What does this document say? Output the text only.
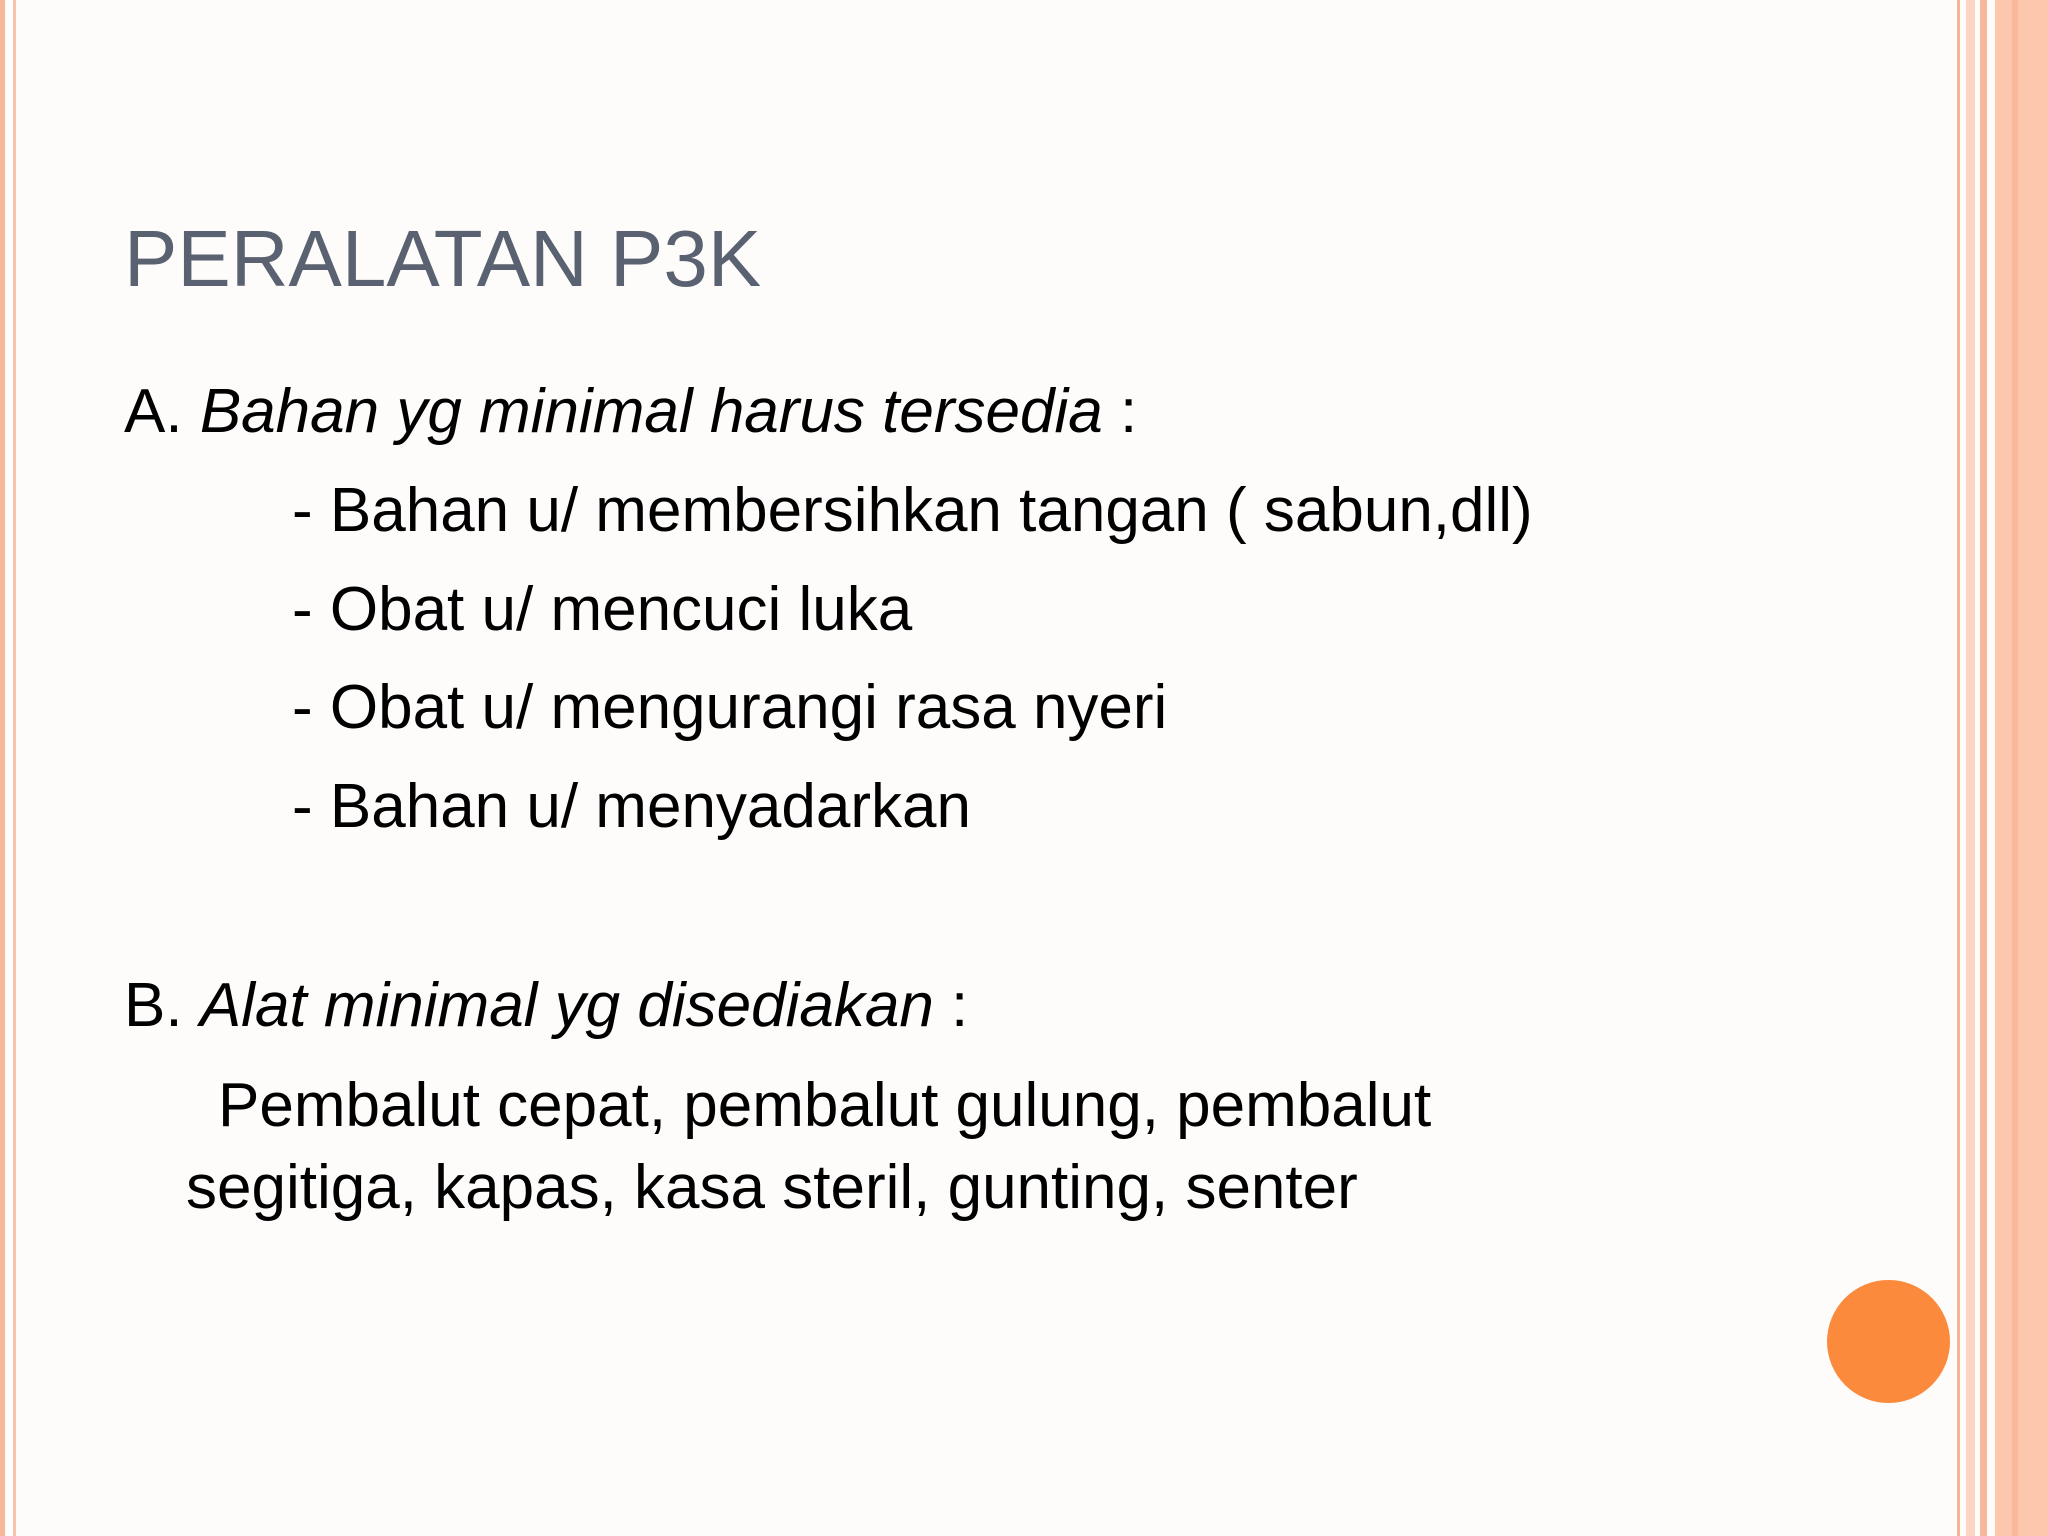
PERALATAN P3K
A. Bahan yg minimal harus tersedia :
- Bahan u/ membersihkan tangan ( sabun,dll)
- Obat u/ mencuci luka
- Obat u/ mengurangi rasa nyeri
- Bahan u/ menyadarkan
B. Alat minimal yg disediakan :
Pembalut cepat, pembalut gulung, pembalut
segitiga, kapas, kasa steril, gunting, senter
